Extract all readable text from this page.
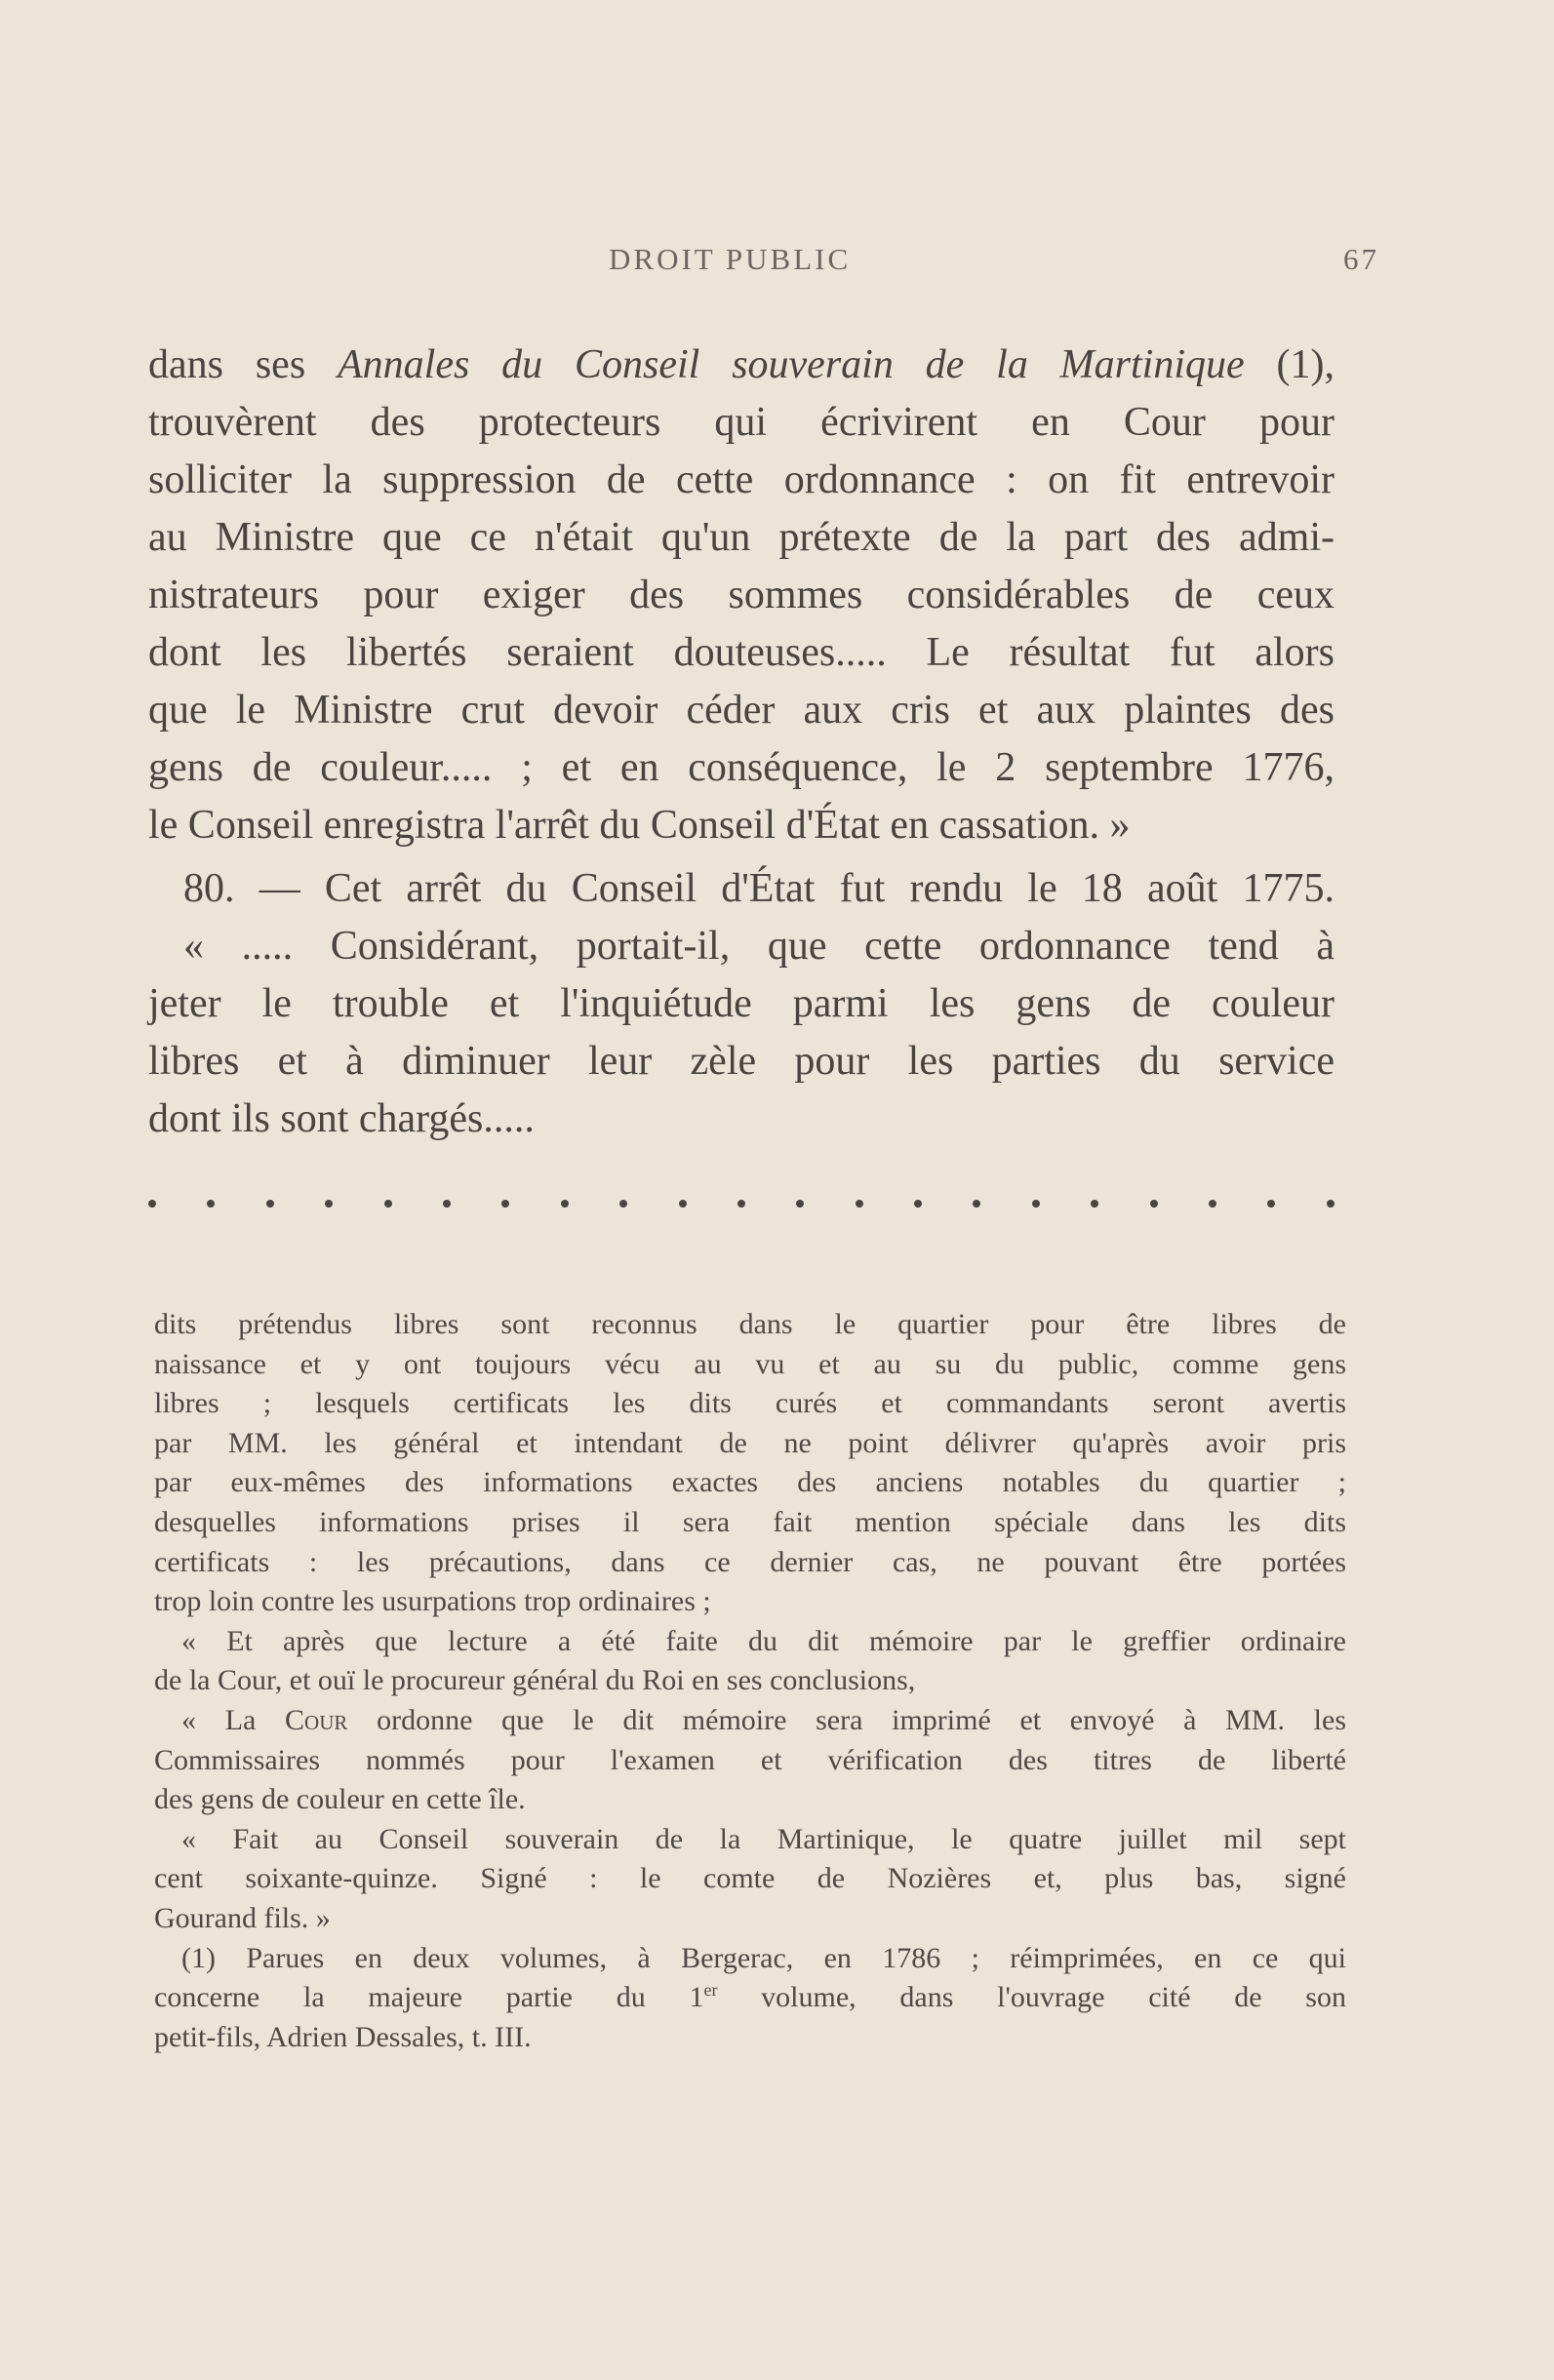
DROIT PUBLIC	67
dans ses Annales du Conseil souverain de la Martinique (1),
trouvèrent des protecteurs qui écrivirent en Cour pour
solliciter la suppression de cette ordonnance : on fit entrevoir
au Ministre que ce n'était qu'un prétexte de la part des admi-
nistrateurs pour exiger des sommes considérables de ceux
dont les libertés seraient douteuses..... Le résultat fut alors
que le Ministre crut devoir céder aux cris et aux plaintes des
gens de couleur..... ; et en conséquence, le 2 septembre 1776,
le Conseil enregistra l'arrêt du Conseil d'État en cassation. »
80. — Cet arrêt du Conseil d'État fut rendu le 18 août 1775.
« ..... Considérant, portait-il, que cette ordonnance tend à
jeter le trouble et l'inquiétude parmi les gens de couleur
libres et à diminuer leur zèle pour les parties du service
dont ils sont chargés.....
dits prétendus libres sont reconnus dans le quartier pour être libres de
naissance et y ont toujours vécu au vu et au su du public, comme gens
libres ; lesquels certificats les dits curés et commandants seront avertis
par MM. les général et intendant de ne point délivrer qu'après avoir pris
par eux-mêmes des informations exactes des anciens notables du quartier ;
desquelles informations prises il sera fait mention spéciale dans les dits
certificats : les précautions, dans ce dernier cas, ne pouvant être portées
trop loin contre les usurpations trop ordinaires ;
« Et après que lecture a été faite du dit mémoire par le greffier ordinaire
de la Cour, et ouï le procureur général du Roi en ses conclusions,
« La Cour ordonne que le dit mémoire sera imprimé et envoyé à MM. les
Commissaires nommés pour l'examen et vérification des titres de liberté
des gens de couleur en cette île.
« Fait au Conseil souverain de la Martinique, le quatre juillet mil sept
cent soixante-quinze. Signé : le comte de Nozières et, plus bas, signé
Gourand fils. »
(1) Parues en deux volumes, à Bergerac, en 1786 ; réimprimées, en ce qui
concerne la majeure partie du 1er volume, dans l'ouvrage cité de son
petit-fils, Adrien Dessales, t. III.
